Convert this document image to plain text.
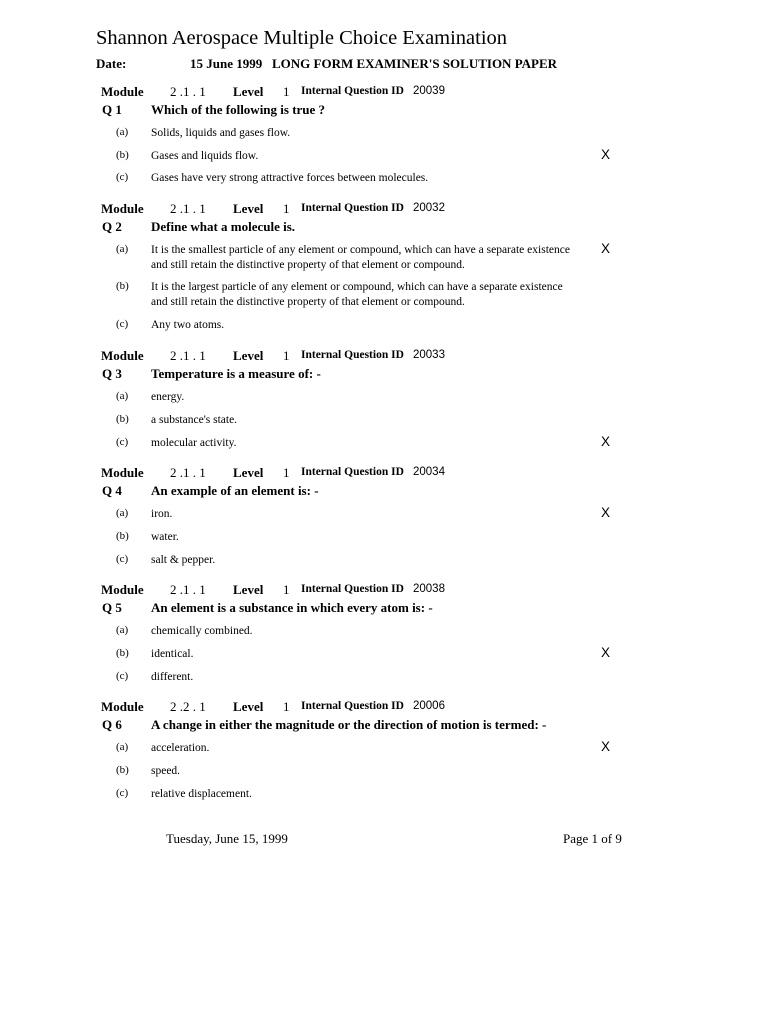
Shannon Aerospace Multiple Choice Examination
Date:	15 June 1999 LONG FORM EXAMINER'S SOLUTION PAPER
Module 2 .1 . 1 Level 1 Internal Question ID 20039
Q 1 Which of the following is true ?
(a) Solids, liquids and gases flow.
(b) Gases and liquids flow.	X
(c) Gases have very strong attractive forces between molecules.
Module 2 .1 . 1 Level 1 Internal Question ID 20032
Q 2 Define what a molecule is.
(a) It is the smallest particle of any element or compound, which can have a separate existence and still retain the distinctive property of that element or compound.
X
(b) It is the largest particle of any element or compound, which can have a separate existence and still retain the distinctive property of that element or compound.
(c) Any two atoms.
Module 2 .1 . 1 Level 1 Internal Question ID 20033
Q 3 Temperature is a measure of: -
(a) energy.
(b) a substance's state.
(c) molecular activity.	X
Module 2 .1 . 1 Level 1 Internal Question ID 20034
Q 4 An example of an element is: -
(a) iron.	X
(b) water.
(c) salt & pepper.
Module 2 .1 . 1 Level 1 Internal Question ID 20038
Q 5 An element is a substance in which every atom is: -
(a) chemically combined.
(b) identical.	X
(c) different.
Module 2 .2 . 1 Level 1 Internal Question ID 20006
Q 6 A change in either the magnitude or the direction of motion is termed: -
(a) acceleration.	X
(b) speed.
(c) relative displacement.
Tuesday, June 15, 1999	Page 1 of 9
